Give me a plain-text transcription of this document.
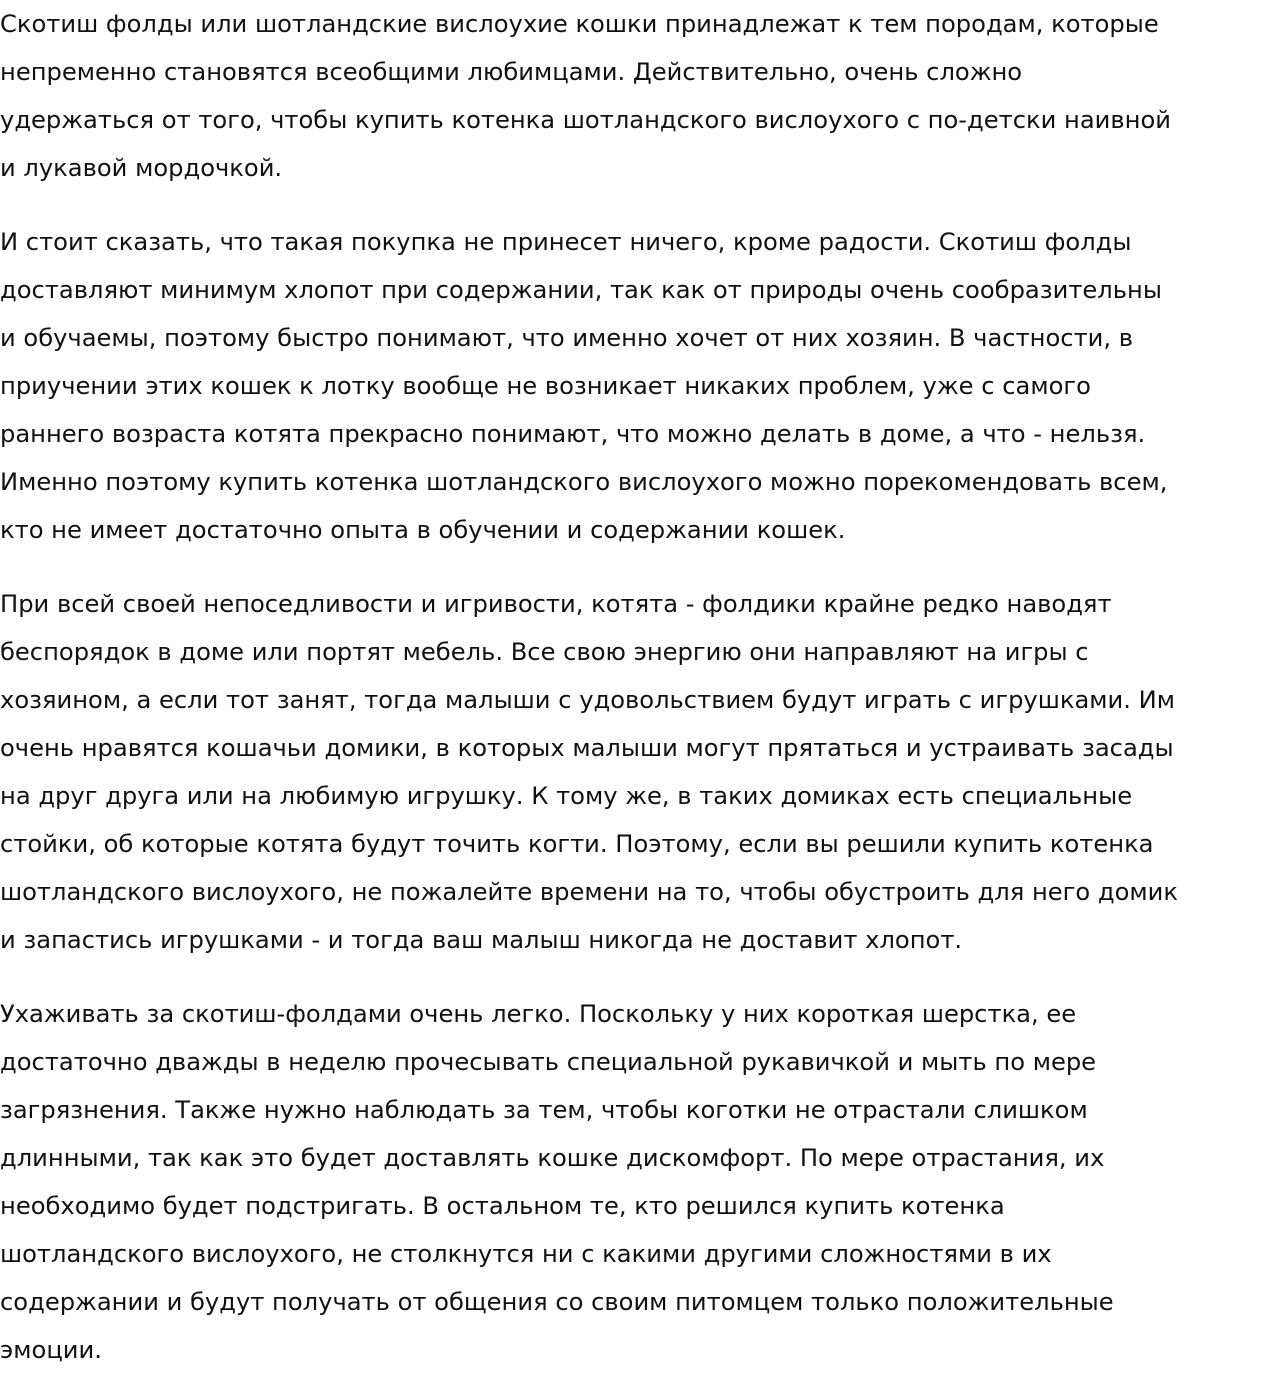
Скотиш фолды или шотландские вислоухие кошки принадлежат к тем породам, которые
непременно становятся всеобщими любимцами. Действительно, очень сложно
удержаться от того, чтобы купить котенка шотландского вислоухого с по-детски наивной
и лукавой мордочкой.

И стоит сказать, что такая покупка не принесет ничего, кроме радости. Скотиш фолды
доставляют минимум хлопот при содержании, так как от природы очень сообразительны
и обучаемы, поэтому быстро понимают, что именно хочет от них хозяин. В частности, в
приучении этих кошек к лотку вообще не возникает никаких проблем, уже с самого
раннего возраста котята прекрасно понимают, что можно делать в доме, а что - нельзя.
Именно поэтому купить котенка шотландского вислоухого можно порекомендовать всем,
кто не имеет достаточно опыта в обучении и содержании кошек.

При всей своей непоседливости и игривости, котята - фолдики крайне редко наводят
беспорядок в доме или портят мебель. Все свою энергию они направляют на игры с
хозяином, а если тот занят, тогда малыши с удовольствием будут играть с игрушками. Им
очень нравятся кошачьи домики, в которых малыши могут прятаться и устраивать засады
на друг друга или на любимую игрушку. К тому же, в таких домиках есть специальные
стойки, об которые котята будут точить когти. Поэтому, если вы решили купить котенка
шотландского вислоухого, не пожалейте времени на то, чтобы обустроить для него домик
и запастись игрушками - и тогда ваш малыш никогда не доставит хлопот.

Ухаживать за скотиш-фолдами очень легко. Поскольку у них короткая шерстка, ее
достаточно дважды в неделю прочесывать специальной рукавичкой и мыть по мере
загрязнения. Также нужно наблюдать за тем, чтобы коготки не отрастали слишком
длинными, так как это будет доставлять кошке дискомфорт. По мере отрастания, их
необходимо будет подстригать. В остальном те, кто решился купить котенка
шотландского вислоухого, не столкнутся ни с какими другими сложностями в их
содержании и будут получать от общения со своим питомцем только положительные
эмоции.
